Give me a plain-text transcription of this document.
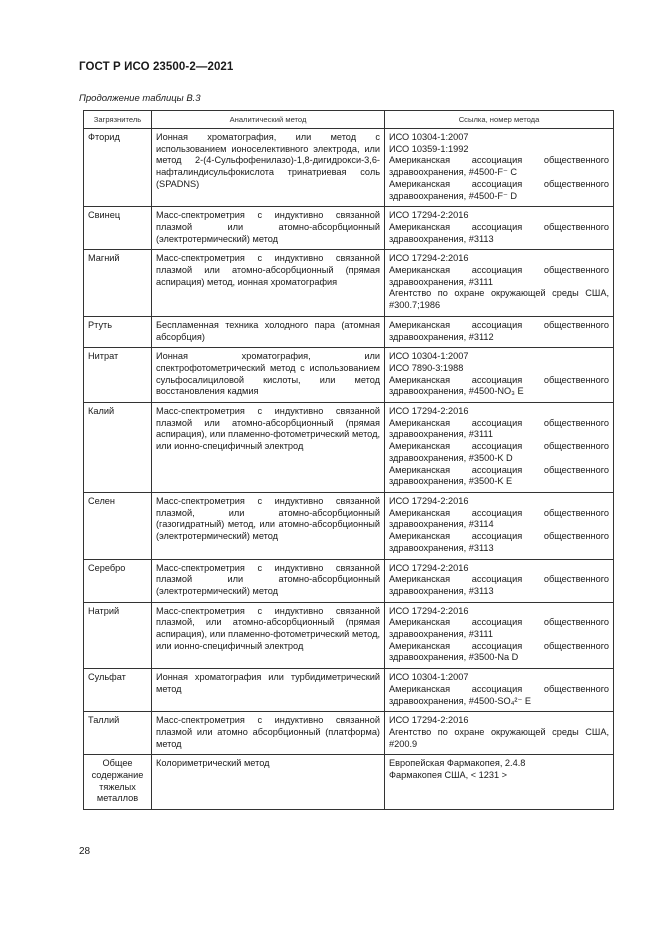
ГОСТ Р ИСО 23500-2—2021
Продолжение таблицы В.3
Загрязнитель	Аналитический метод	Ссылка, номер метода
Фторид	Ионная хроматография, или метод с использованием ионоселективного электрода, или метод 2-(4-Сульфофенилазо)-1,8-дигидрокси-3,6-нафталиндисульфокислота тринатриевая соль (SPADNS)	ИСО 10304-1:2007
ИСО 10359-1:1992
Американская ассоциация общественного здравоохранения, #4500-F⁻ C
Американская ассоциация общественного здравоохранения, #4500-F⁻ D

Свинец	Масс-спектрометрия с индуктивно связанной плазмой или атомно-абсорбционный (электротермический) метод	ИСО 17294-2:2016
Американская ассоциация общественного здравоохранения, #3113

Магний	Масс-спектрометрия с индуктивно связанной плазмой или атомно-абсорбционный (прямая аспирация) метод, ионная хроматография	ИСО 17294-2:2016
Американская ассоциация общественного здравоохранения, #3111
Агентство по охране окружающей среды США, #300.7;1986

Ртуть	Беспламенная техника холодного пара (атомная абсорбция)	Американская ассоциация общественного здравоохранения, #3112

Нитрат	Ионная хроматография, или спектрофотометрический метод с использованием сульфосалициловой кислоты, или метод восстановления кадмия	ИСО 10304-1:2007
ИСО 7890-3:1988
Американская ассоциация общественного здравоохранения, #4500-NO₃ E

Калий	Масс-спектрометрия с индуктивно связанной плазмой или атомно-абсорбционный (прямая аспирация), или пламенно-фотометрический метод, или ионно-специфичный электрод	ИСО 17294-2:2016
Американская ассоциация общественного здравоохранения, #3111
Американская ассоциация общественного здравоохранения, #3500-K D
Американская ассоциация общественного здравоохранения, #3500-K E

Селен	Масс-спектрометрия с индуктивно связанной плазмой, или атомно-абсорбционный (газогидратный) метод, или атомно-абсорбционный (электротермический) метод	ИСО 17294-2:2016
Американская ассоциация общественного здравоохранения, #3114
Американская ассоциация общественного здравоохранения, #3113

Серебро	Масс-спектрометрия с индуктивно связанной плазмой или атомно-абсорбционный (электротермический) метод	ИСО 17294-2:2016
Американская ассоциация общественного здравоохранения, #3113

Натрий	Масс-спектрометрия с индуктивно связанной плазмой, или атомно-абсорбционный (прямая аспирация), или пламенно-фотометрический метод, или ионно-специфичный электрод	ИСО 17294-2:2016
Американская ассоциация общественного здравоохранения, #3111
Американская ассоциация общественного здравоохранения, #3500-Na D

Сульфат	Ионная хроматография или турбидиметрический метод	ИСО 10304-1:2007
Американская ассоциация общественного здравоохранения, #4500-SO₄²⁻ E

Таллий	Масс-спектрометрия с индуктивно связанной плазмой или атомно абсорбционный (платформа) метод	ИСО 17294-2:2016
Агентство по охране окружающей среды США, #200.9

Общее содержание тяжелых металлов	Колориметрический метод	Европейская Фармакопея, 2.4.8
Фармакопея США, < 1231 >
28
